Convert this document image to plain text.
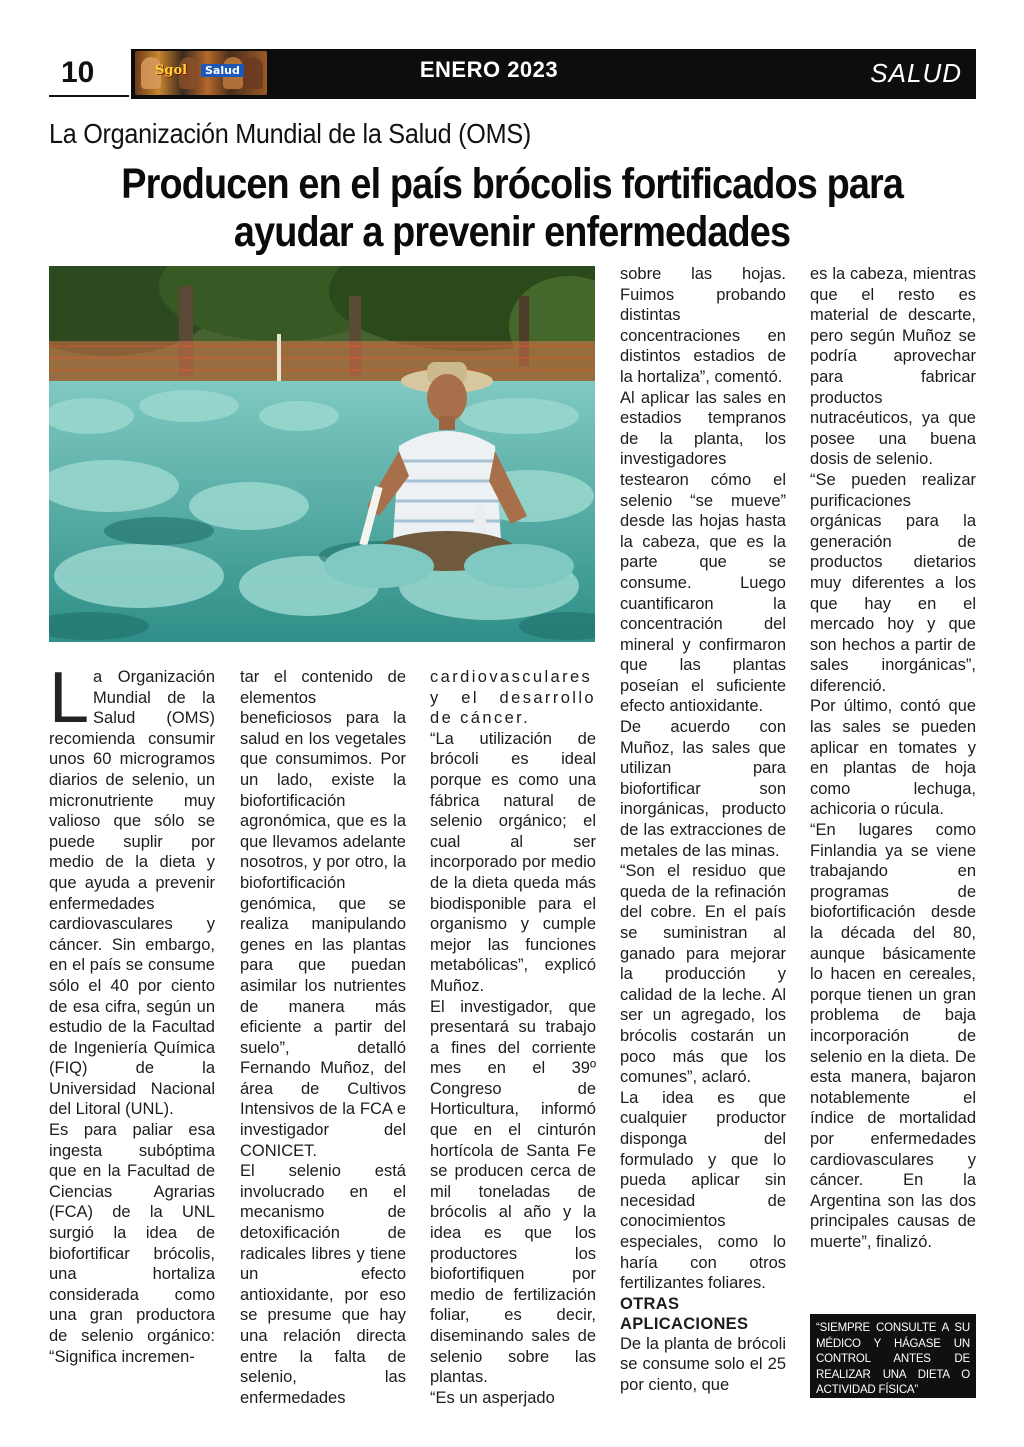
10	Sgol	Salud	ENERO 2023	SALUD
La Organización Mundial de la Salud (OMS)
Producen en el país brócolis fortificados para
ayudar a prevenir enfermedades

La Organización Mundial de la Salud (OMS) recomienda consumir unos 60 microgramos diarios de selenio, un micronutriente muy valioso que sólo se puede suplir por medio de la dieta y que ayuda a prevenir enfermedades cardiovasculares y cáncer. Sin embargo, en el país se consume sólo el 40 por ciento de esa cifra, según un estudio de la Facultad de Ingeniería Química (FIQ) de la Universidad Nacional del Litoral (UNL).

Es para paliar esa ingesta subóptima que en la Facultad de Ciencias Agrarias (FCA) de la UNL surgió la idea de biofortificar brócolis, una hortaliza considerada como una gran productora de selenio orgánico: “Significa incremen-

tar el contenido de elementos beneficiosos para la salud en los vegetales que consumimos. Por un lado, existe la biofortificación agronómica, que es la que llevamos adelante nosotros, y por otro, la biofortificación genómica, que se realiza manipulando genes en las plantas para que puedan asimilar los nutrientes de manera más eficiente a partir del suelo”, detalló Fernando Muñoz, del área de Cultivos Intensivos de la FCA e investigador del CONICET.

El selenio está involucrado en el mecanismo de detoxificación de radicales libres y tiene un efecto antioxidante, por eso se presume que hay una relación directa entre la falta de selenio, las enfermedades

cardiovasculares y el desarrollo de cáncer.

“La utilización de brócoli es ideal porque es como una fábrica natural de selenio orgánico; el cual al ser incorporado por medio de la dieta queda más biodisponible para el organismo y cumple mejor las funciones metabólicas”, explicó Muñoz.

El investigador, que presentará su trabajo a fines del corriente mes en el 39º Congreso de Horticultura, informó que en el cinturón hortícola de Santa Fe se producen cerca de mil toneladas de brócolis al año y la idea es que los productores los biofortifiquen por medio de fertilización foliar, es decir, diseminando sales de selenio sobre las plantas.

“Es un asperjado

sobre las hojas. Fuimos probando distintas concentraciones en distintos estadios de la hortaliza”, comentó.

Al aplicar las sales en estadios tempranos de la planta, los investigadores testearon cómo el selenio “se mueve” desde las hojas hasta la cabeza, que es la parte que se consume. Luego cuantificaron la concentración del mineral y confirmaron que las plantas poseían el suficiente efecto antioxidante.

De acuerdo con Muñoz, las sales que utilizan para biofortificar son inorgánicas, producto de las extracciones de metales de las minas.

“Son el residuo que queda de la refinación del cobre. En el país se suministran al ganado para mejorar la producción y calidad de la leche. Al ser un agregado, los brócolis costarán un poco más que los comunes”, aclaró.

La idea es que cualquier productor disponga del formulado y que lo pueda aplicar sin necesidad de conocimientos especiales, como lo haría con otros fertilizantes foliares.

OTRAS APLICACIONES

De la planta de brócoli se consume solo el 25 por ciento, que

es la cabeza, mientras que el resto es material de descarte, pero según Muñoz se podría aprovechar para fabricar productos nutracéuticos, ya que posee una buena dosis de selenio.

“Se pueden realizar purificaciones orgánicas para la generación de productos dietarios muy diferentes a los que hay en el mercado hoy y que son hechos a partir de sales inorgánicas”, diferenció.

Por último, contó que las sales se pueden aplicar en tomates y en plantas de hoja como lechuga, achicoria o rúcula.

“En lugares como Finlandia ya se viene trabajando en programas de biofortificación desde la década del 80, aunque básicamente lo hacen en cereales, porque tienen un gran problema de baja incorporación de selenio en la dieta. De esta manera, bajaron notablemente el índice de mortalidad por enfermedades cardiovasculares y cáncer. En la Argentina son las dos principales causas de muerte”, finalizó.

“SIEMPRE CONSULTE A SU MÉDICO Y HÁGASE UN CONTROL ANTES DE REALIZAR UNA DIETA O ACTIVIDAD FÍSICA”
